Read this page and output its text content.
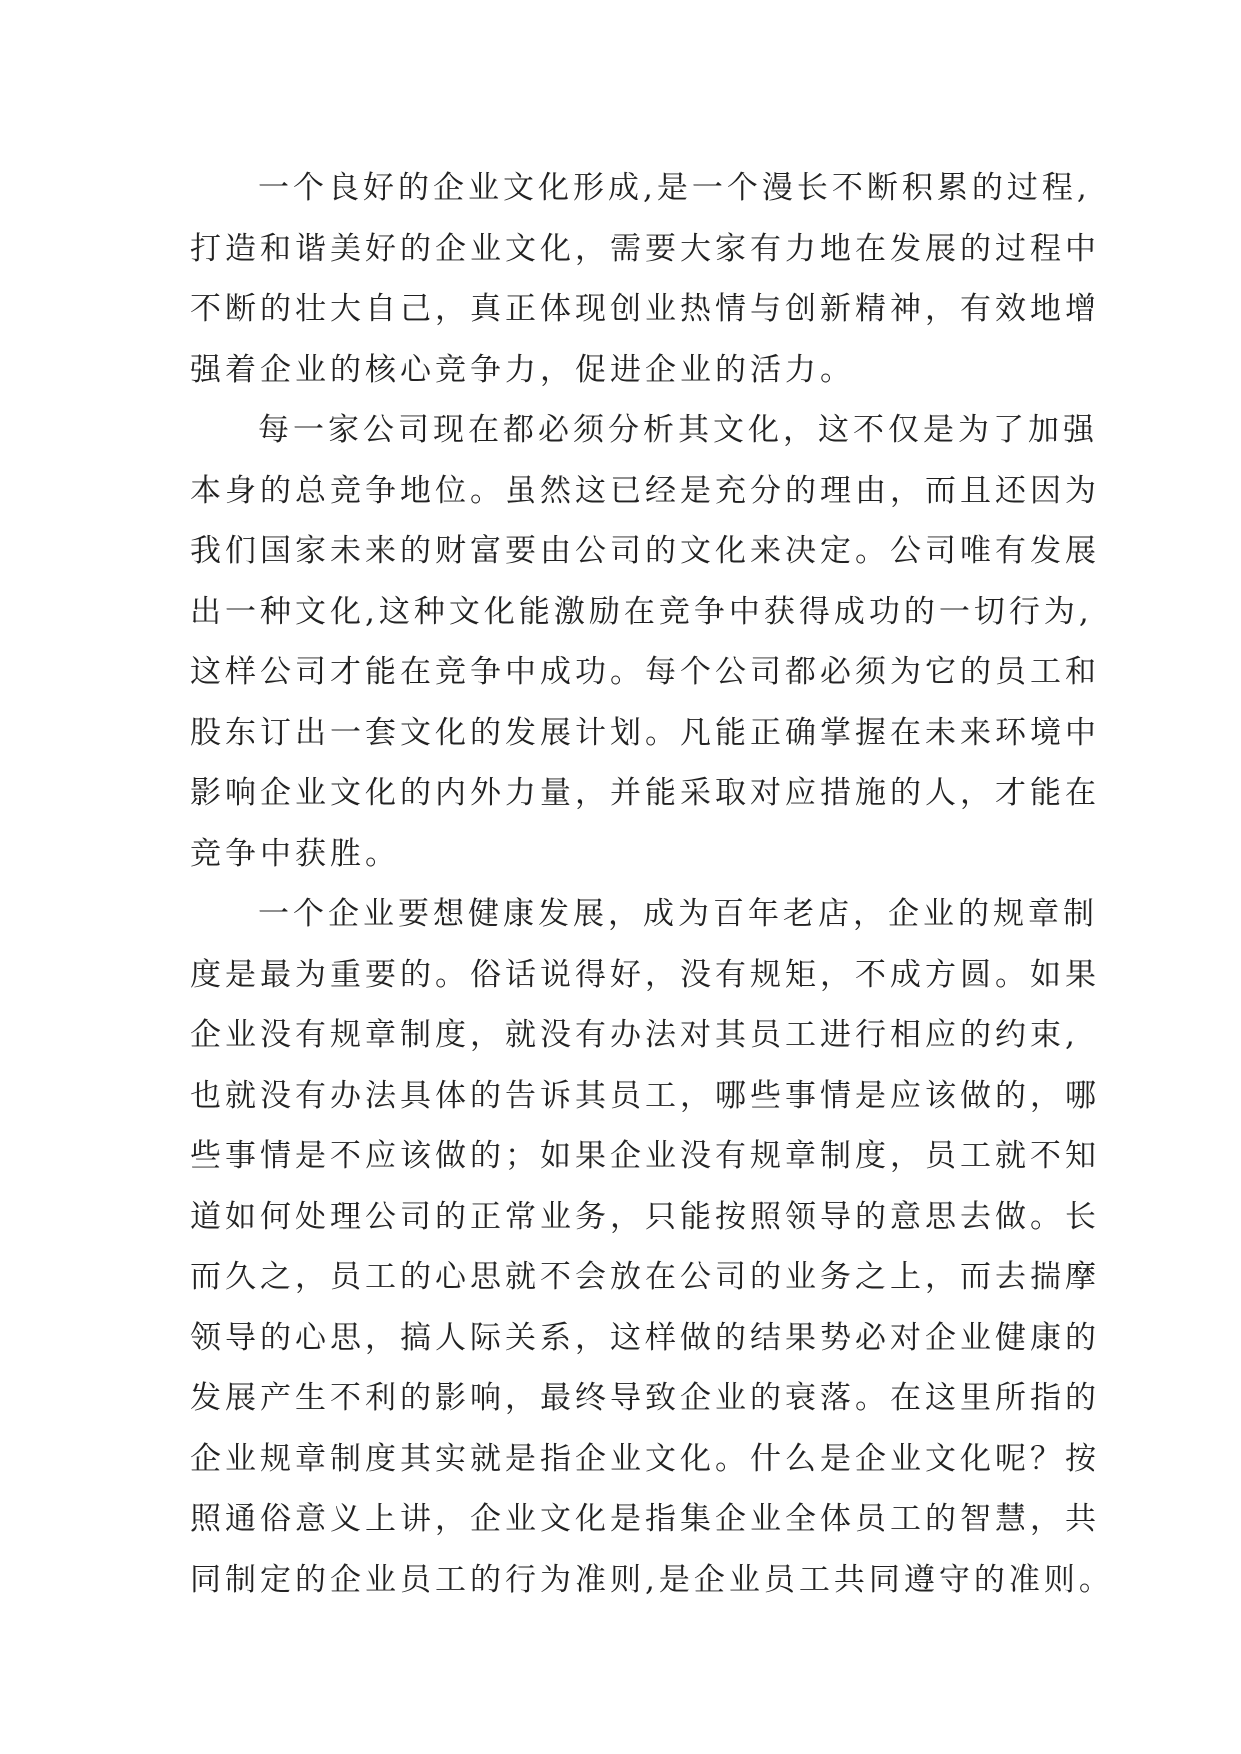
一个良好的企业文化形成,是一个漫长不断积累的过程,
打造和谐美好的企业文化，需要大家有力地在发展的过程中
不断的壮大自己，真正体现创业热情与创新精神，有效地增
强着企业的核心竞争力，促进企业的活力。
每一家公司现在都必须分析其文化，这不仅是为了加强
本身的总竞争地位。虽然这已经是充分的理由，而且还因为
我们国家未来的财富要由公司的文化来决定。公司唯有发展
出一种文化,这种文化能激励在竞争中获得成功的一切行为,
这样公司才能在竞争中成功。每个公司都必须为它的员工和
股东订出一套文化的发展计划。凡能正确掌握在未来环境中
影响企业文化的内外力量，并能采取对应措施的人，才能在
竞争中获胜。
一个企业要想健康发展，成为百年老店，企业的规章制
度是最为重要的。俗话说得好，没有规矩，不成方圆。如果
企业没有规章制度，就没有办法对其员工进行相应的约束,
也就没有办法具体的告诉其员工，哪些事情是应该做的，哪
些事情是不应该做的；如果企业没有规章制度，员工就不知
道如何处理公司的正常业务，只能按照领导的意思去做。长
而久之，员工的心思就不会放在公司的业务之上，而去揣摩
领导的心思，搞人际关系，这样做的结果势必对企业健康的
发展产生不利的影响，最终导致企业的衰落。在这里所指的
企业规章制度其实就是指企业文化。什么是企业文化呢？按
照通俗意义上讲，企业文化是指集企业全体员工的智慧，共
同制定的企业员工的行为准则,是企业员工共同遵守的准则。
